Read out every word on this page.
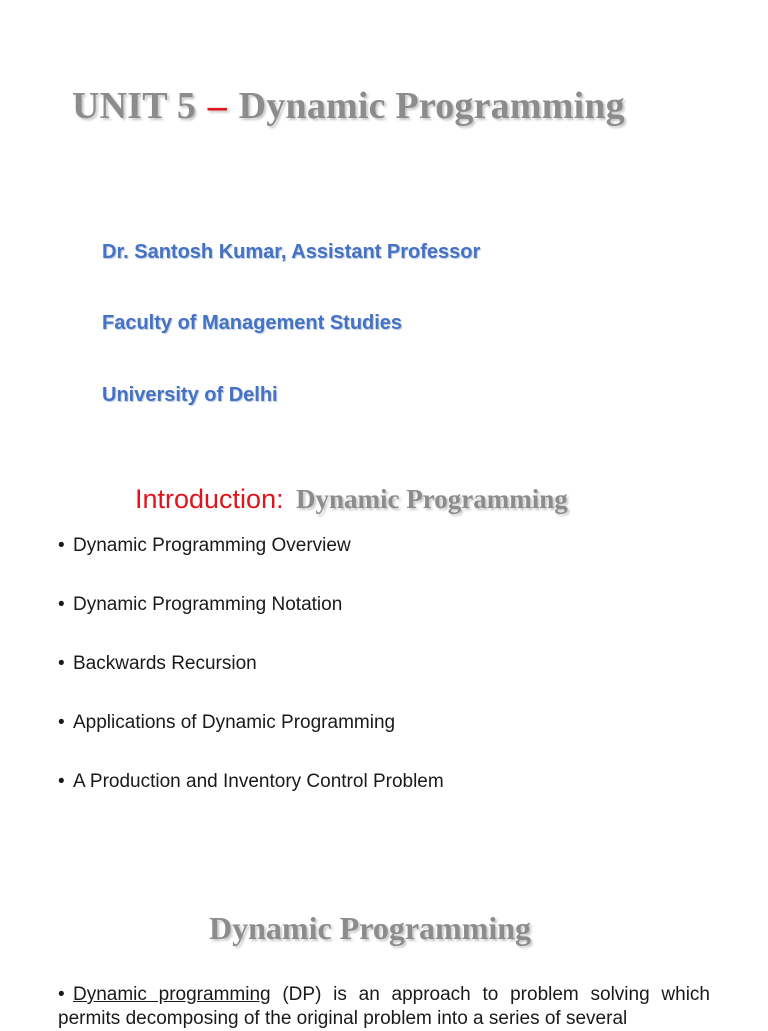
UNIT 5 – Dynamic Programming
Dr. Santosh Kumar, Assistant Professor
Faculty of Management Studies
University of Delhi
Introduction: Dynamic Programming
• Dynamic Programming Overview
• Dynamic Programming Notation
• Backwards Recursion
• Applications of Dynamic Programming
• A Production and Inventory Control Problem
Dynamic Programming
• Dynamic programming (DP) is an approach to problem solving which permits decomposing of the original problem into a series of several
